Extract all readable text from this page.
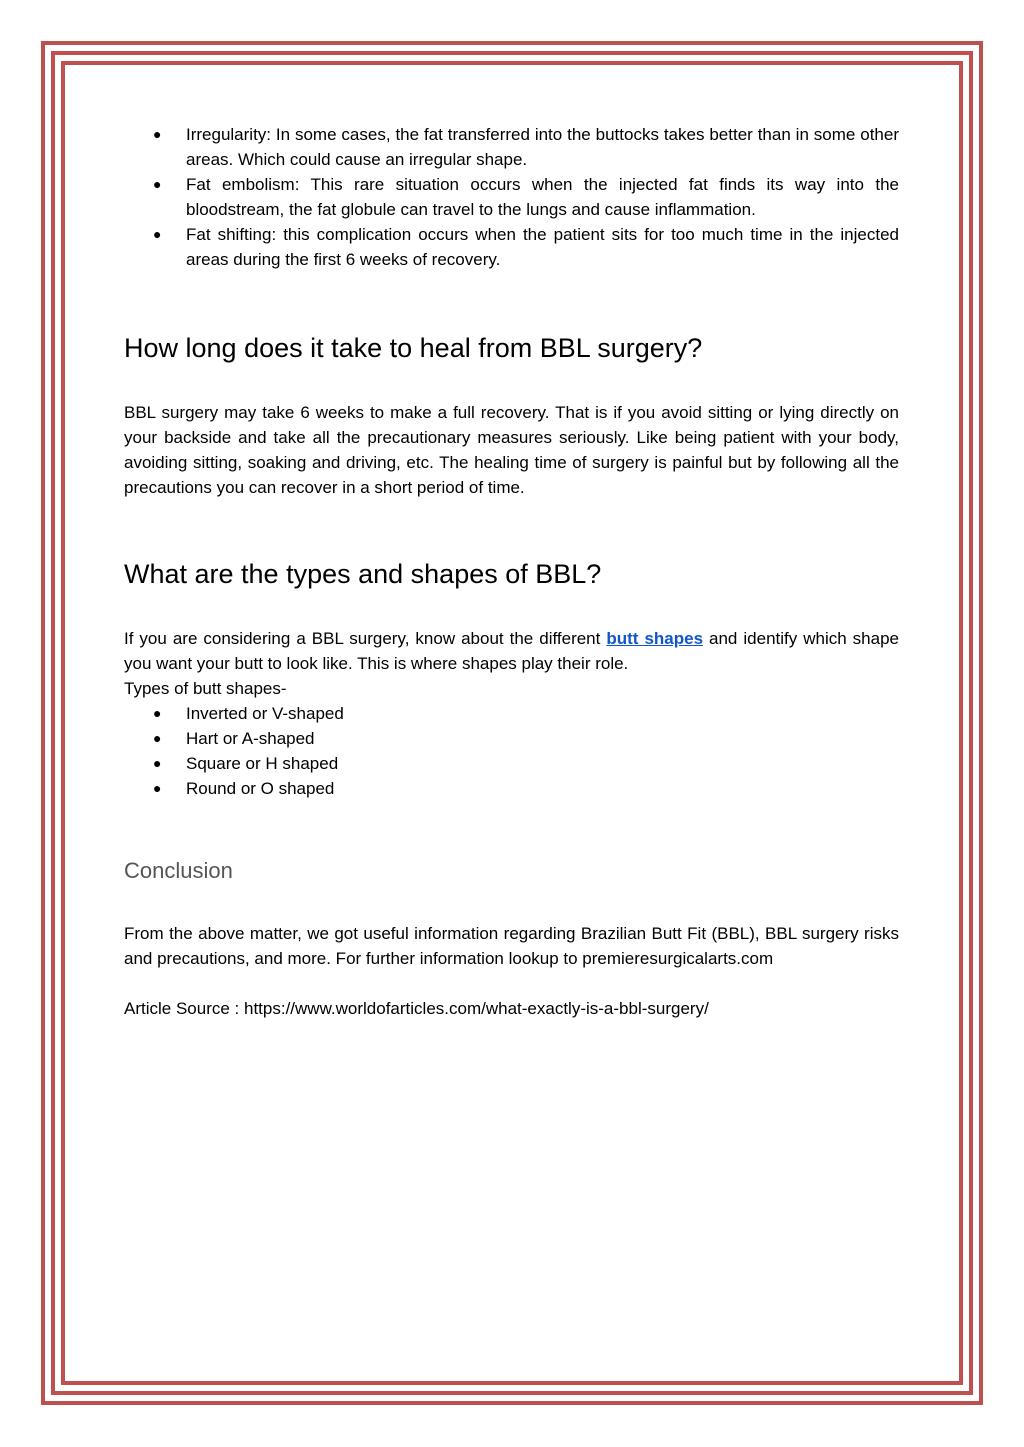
● Irregularity: In some cases, the fat transferred into the buttocks takes better than in some other areas. Which could cause an irregular shape.
● Fat embolism: This rare situation occurs when the injected fat finds its way into the bloodstream, the fat globule can travel to the lungs and cause inflammation.
● Fat shifting: this complication occurs when the patient sits for too much time in the injected areas during the first 6 weeks of recovery.
How long does it take to heal from BBL surgery?

BBL surgery may take 6 weeks to make a full recovery. That is if you avoid sitting or lying directly on your backside and take all the precautionary measures seriously. Like being patient with your body, avoiding sitting, soaking and driving, etc. The healing time of surgery is painful but by following all the precautions you can recover in a short period of time.

What are the types and shapes of BBL?

If you are considering a BBL surgery, know about the different butt shapes and identify which shape you want your butt to look like. This is where shapes play their role.

Types of butt shapes-

● Inverted or V-shaped
● Hart or A-shaped
● Square or H shaped
● Round or O shaped
Conclusion

From the above matter, we got useful information regarding Brazilian Butt Fit (BBL), BBL surgery risks and precautions, and more. For further information lookup to premieresurgicalarts.com

Article Source : https://www.worldofarticles.com/what-exactly-is-a-bbl-surgery/
